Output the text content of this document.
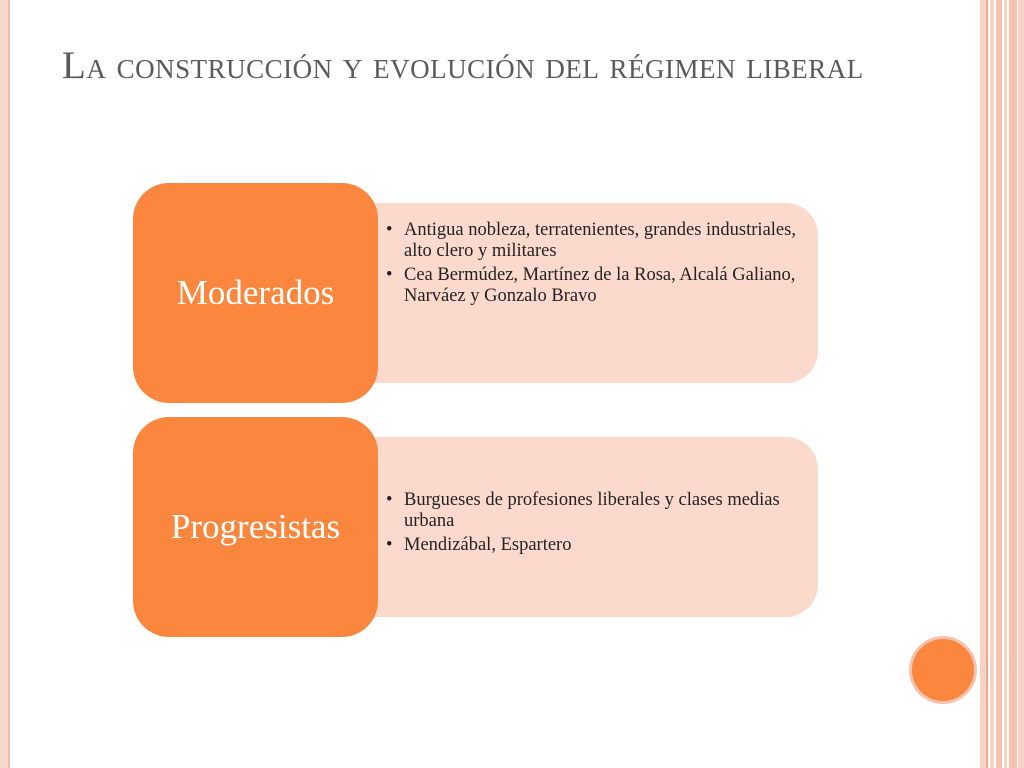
La construcción y evolución del régimen liberal
Moderados
• Antigua nobleza, terratenientes, grandes industriales, alto clero y militares
• Cea Bermúdez, Martínez de la Rosa, Alcalá Galiano, Narváez y Gonzalo Bravo
Progresistas
• Burgueses de profesiones liberales y clases medias urbana
• Mendizábal, Espartero
